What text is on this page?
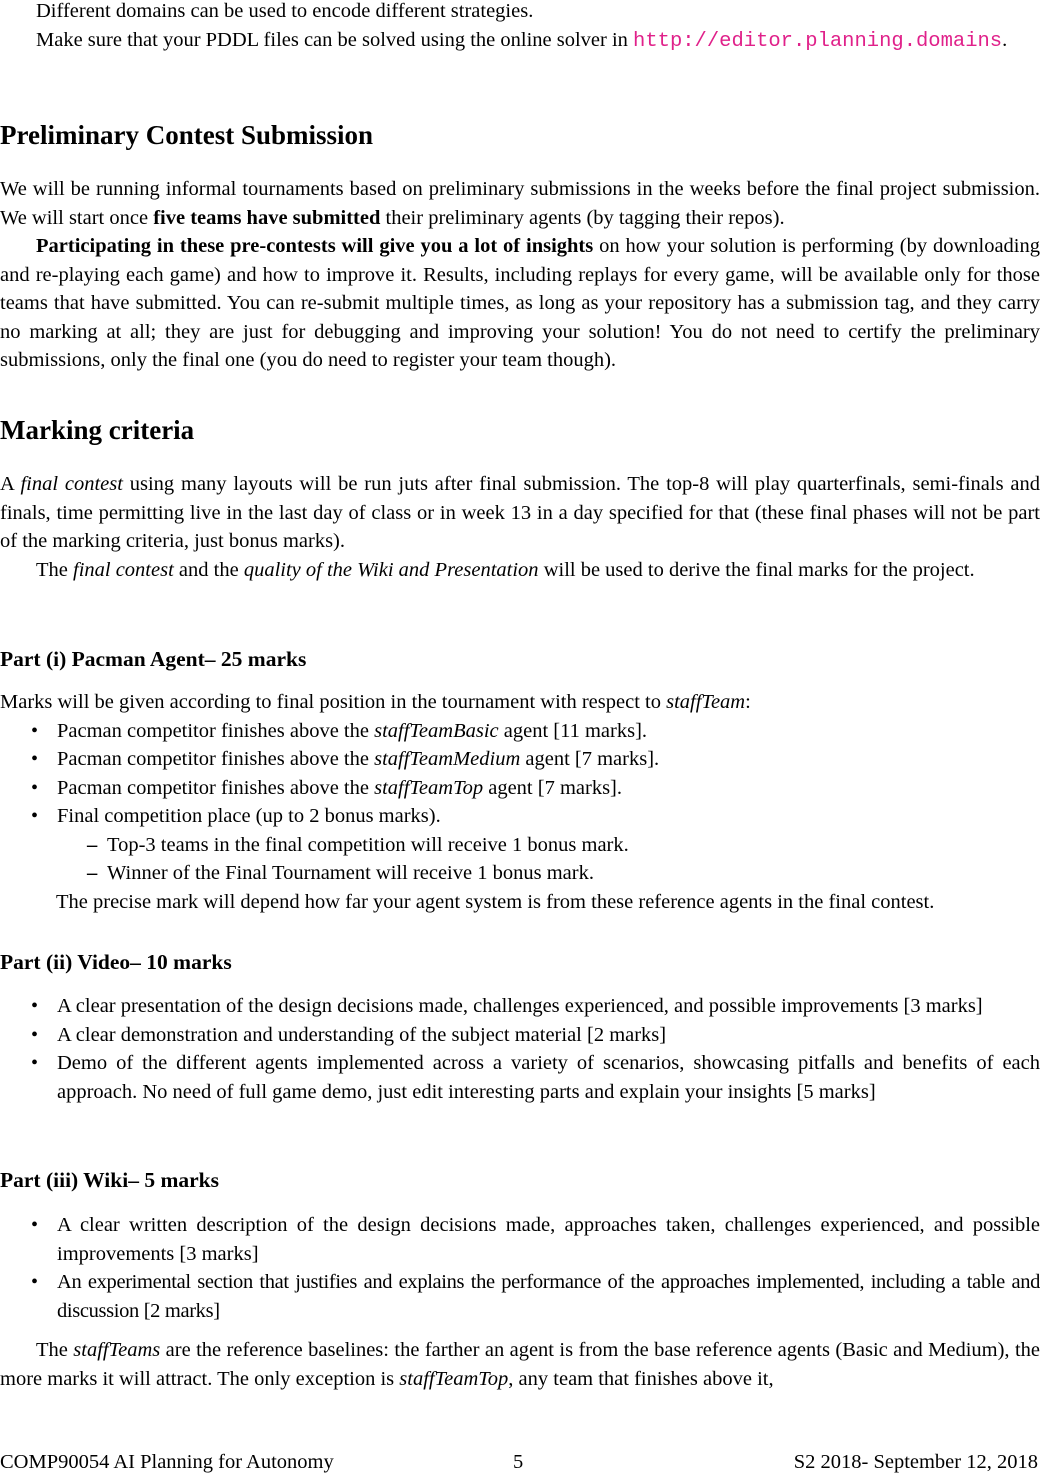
Different domains can be used to encode different strategies.

Make sure that your PDDL files can be solved using the online solver in http://editor.planning.domains.

Preliminary Contest Submission

We will be running informal tournaments based on preliminary submissions in the weeks before the final project submission. We will start once five teams have submitted their preliminary agents (by tagging their repos).

Participating in these pre-contests will give you a lot of insights on how your solution is performing (by downloading and re-playing each game) and how to improve it. Results, including replays for every game, will be available only for those teams that have submitted. You can re-submit multiple times, as long as your repository has a submission tag, and they carry no marking at all; they are just for debugging and improving your solution! You do not need to certify the preliminary submissions, only the final one (you do need to register your team though).

Marking criteria

A final contest using many layouts will be run juts after final submission. The top-8 will play quarterfinals, semi-finals and finals, time permitting live in the last day of class or in week 13 in a day specified for that (these final phases will not be part of the marking criteria, just bonus marks).

The final contest and the quality of the Wiki and Presentation will be used to derive the final marks for the project.

Part (i) Pacman Agent– 25 marks

Marks will be given according to final position in the tournament with respect to staffTeam:

• Pacman competitor finishes above the staffTeamBasic agent [11 marks].
• Pacman competitor finishes above the staffTeamMedium agent [7 marks].
• Pacman competitor finishes above the staffTeamTop agent [7 marks].
• Final competition place (up to 2 bonus marks).
– Top-3 teams in the final competition will receive 1 bonus mark.
– Winner of the Final Tournament will receive 1 bonus mark.
The precise mark will depend how far your agent system is from these reference agents in the final contest.
Part (ii) Video– 10 marks
• A clear presentation of the design decisions made, challenges experienced, and possible improvements [3 marks]
• A clear demonstration and understanding of the subject material [2 marks]
• Demo of the different agents implemented across a variety of scenarios, showcasing pitfalls and benefits of each approach. No need of full game demo, just edit interesting parts and explain your insights [5 marks]
Part (iii) Wiki– 5 marks
• A clear written description of the design decisions made, approaches taken, challenges experienced, and possible improvements [3 marks]
• An experimental section that justifies and explains the performance of the approaches implemented, including a table and discussion [2 marks]

The staffTeams are the reference baselines: the farther an agent is from the base reference agents (Basic and Medium), the more marks it will attract. The only exception is staffTeamTop, any team that finishes above it,

COMP90054 AI Planning for Autonomy	5	S2 2018- September 12, 2018
